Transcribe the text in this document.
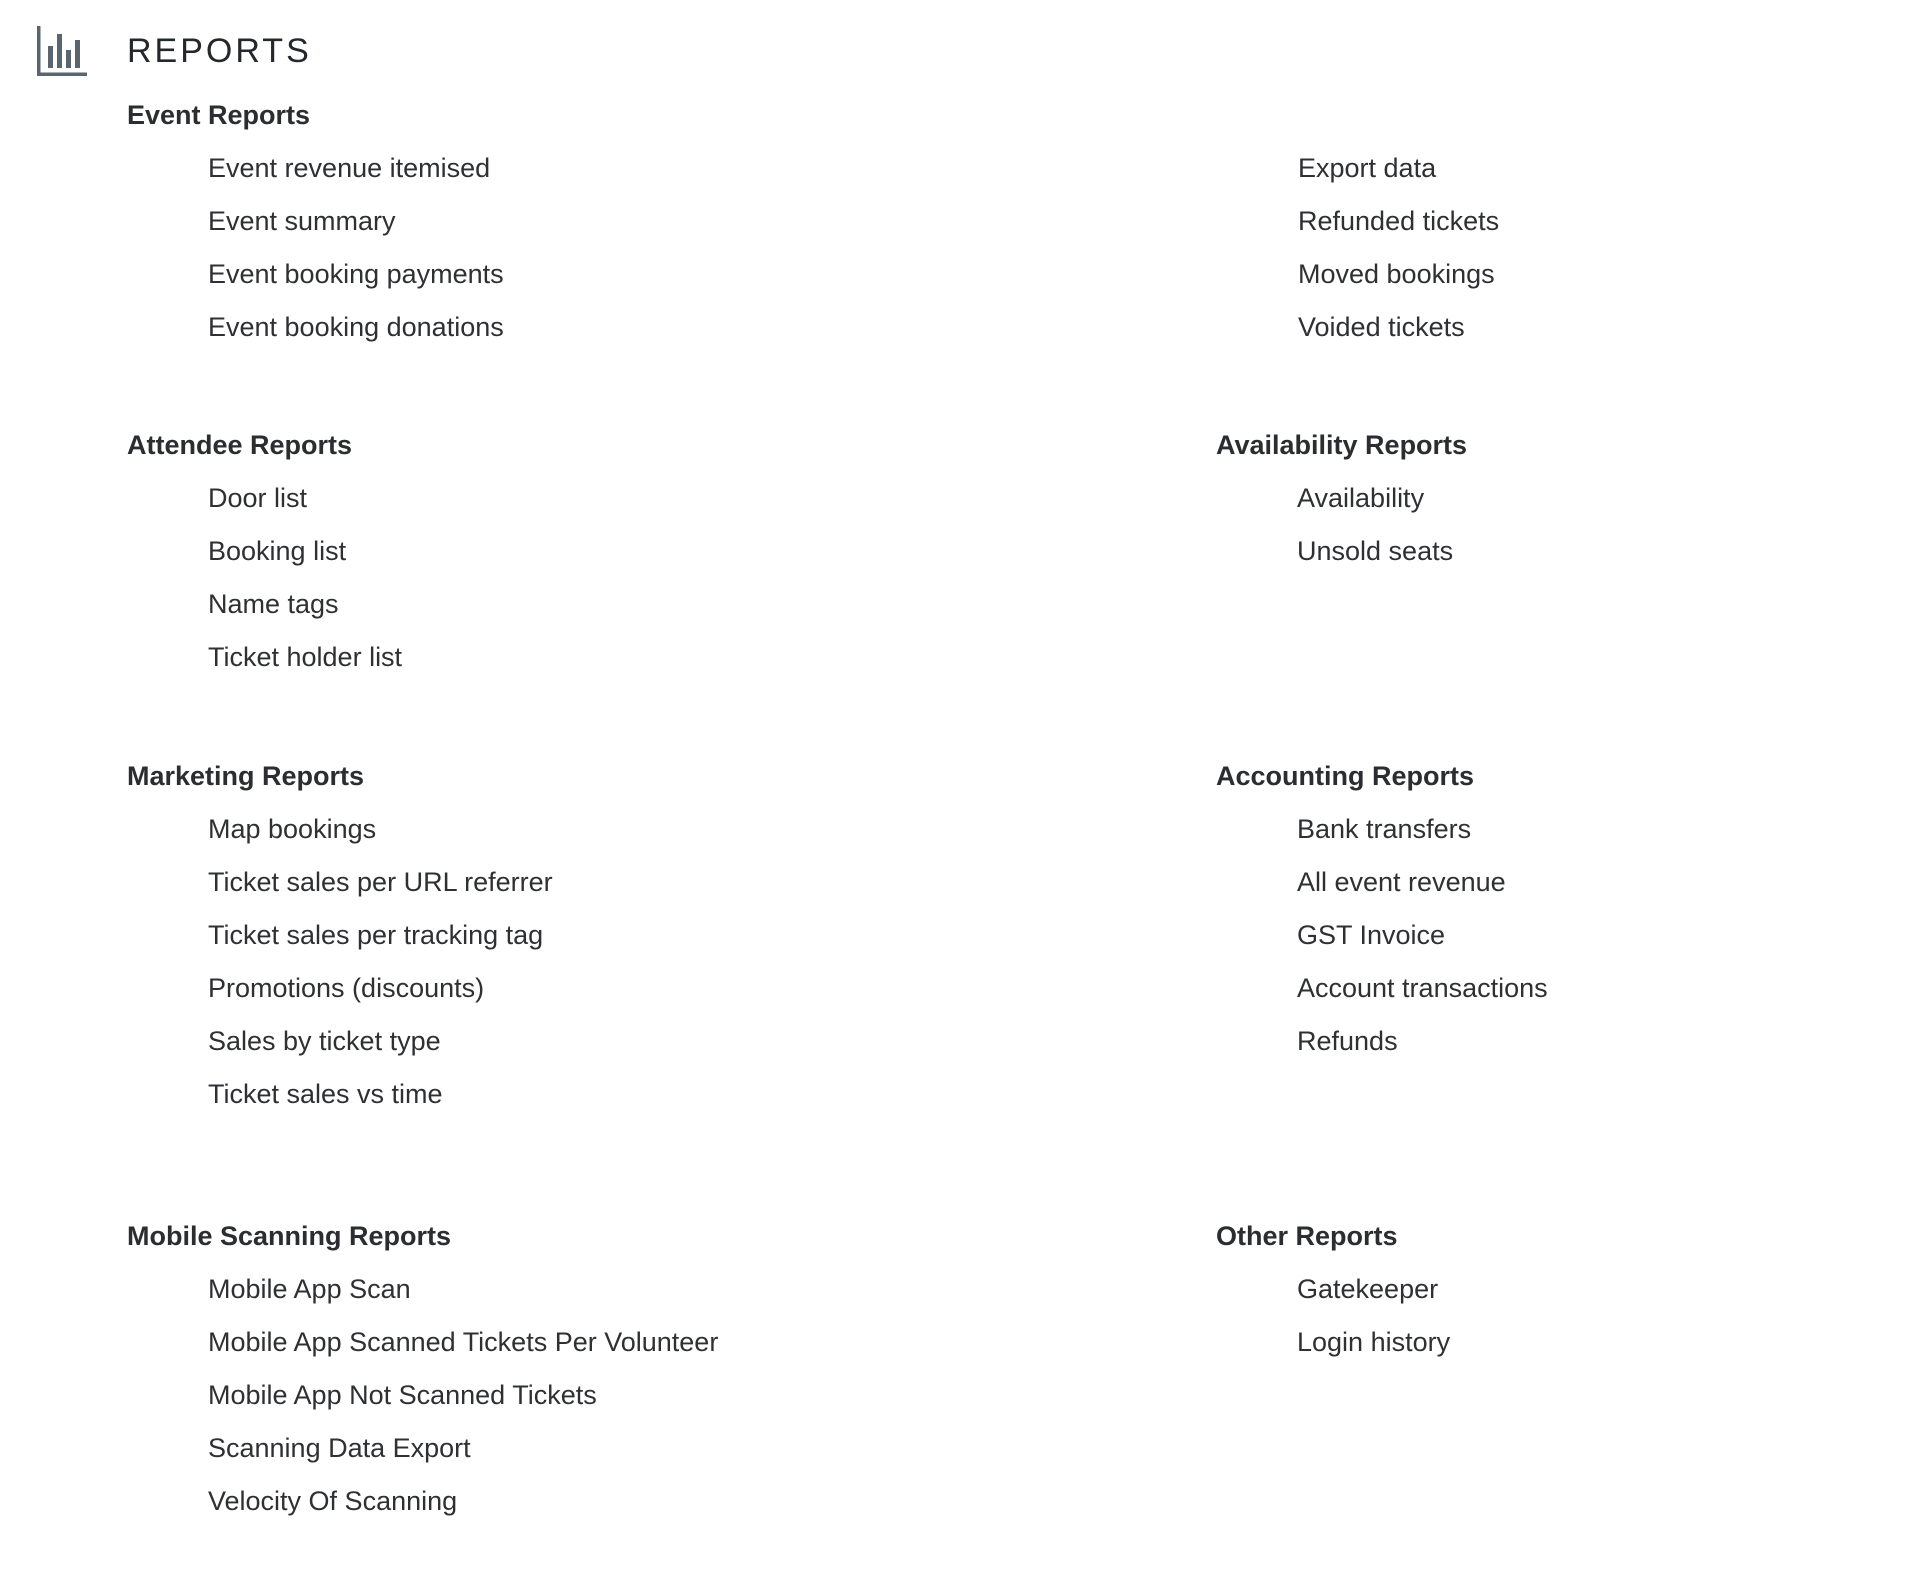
REPORTS
Event Reports
Event revenue itemised
Event summary
Event booking payments
Event booking donations
Export data
Refunded tickets
Moved bookings
Voided tickets
Attendee Reports
Door list
Booking list
Name tags
Ticket holder list
Availability Reports
Availability
Unsold seats
Marketing Reports
Map bookings
Ticket sales per URL referrer
Ticket sales per tracking tag
Promotions (discounts)
Sales by ticket type
Ticket sales vs time
Accounting Reports
Bank transfers
All event revenue
GST Invoice
Account transactions
Refunds
Mobile Scanning Reports
Mobile App Scan
Mobile App Scanned Tickets Per Volunteer
Mobile App Not Scanned Tickets
Scanning Data Export
Velocity Of Scanning
Other Reports
Gatekeeper
Login history
